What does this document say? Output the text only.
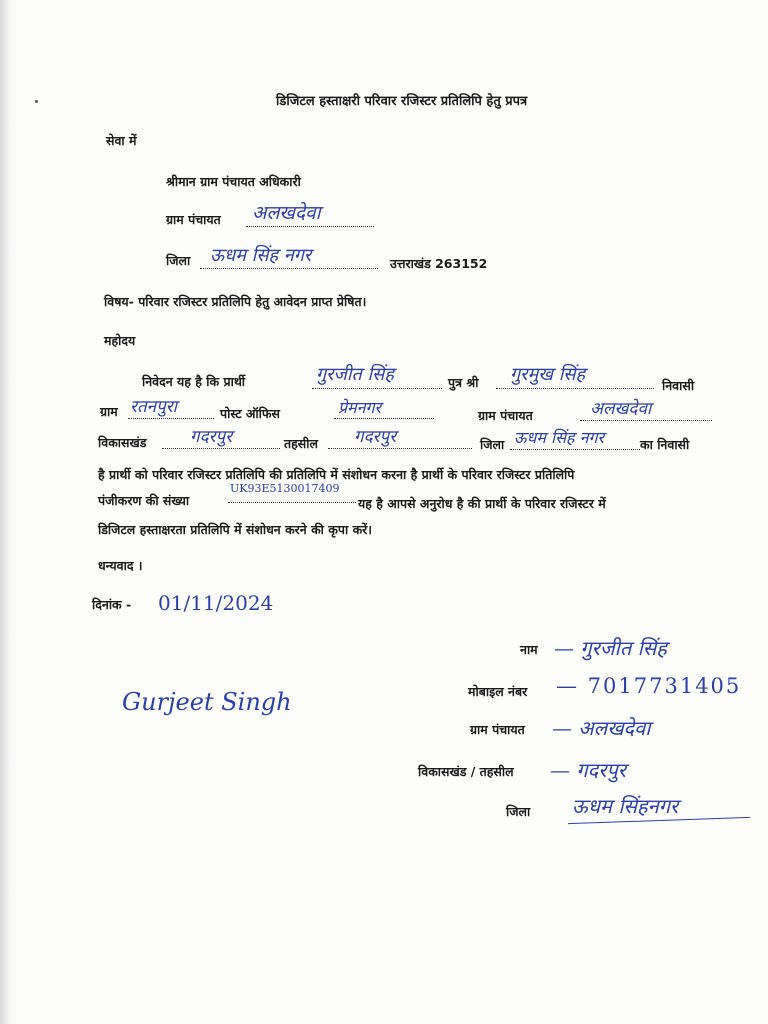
डिजिटल हस्ताक्षरी परिवार रजिस्टर प्रतिलिपि हेतु प्रपत्र
सेवा में
श्रीमान ग्राम पंचायत अधिकारी
ग्राम पंचायत अलखदेवा
जिला ऊधम सिंह नगर	उत्तराखंड 263152
विषय- परिवार रजिस्टर प्रतिलिपि हेतु आवेदन प्राप्त प्रेषित।
महोदय
निवेदन यह है कि प्रार्थी	गुरजीत सिंह	पुत्र श्री गुरमुख सिंह
निवासी
ग्राम रतनपुरा	पोस्ट ऑफिस	प्रेमनगर	ग्राम पंचायत	अलखदेवा
विकासखंड	गदरपुर	तहसील गदरपुर	जिला ऊधम सिंह नगर	का निवासी
है प्रार्थी को परिवार रजिस्टर प्रतिलिपि की प्रतिलिपि में संशोधन करना है प्रार्थी के परिवार रजिस्टर प्रतिलिपि
पंजीकरण की संख्या
UK93E5130017409
यह है आपसे अनुरोध है की प्रार्थी के परिवार रजिस्टर में
डिजिटल हस्ताक्षरता प्रतिलिपि में संशोधन करने की कृपा करें।
धन्यवाद ।
दिनांक - 01/11/2024
नाम — गुरजीत सिंह
मोबाइल नंबर — 7017731405
Gurjeet Singh
ग्राम पंचायत — अलखदेवा
विकासखंड / तहसील — गदरपुर
जिला ऊधम सिंहनगर
